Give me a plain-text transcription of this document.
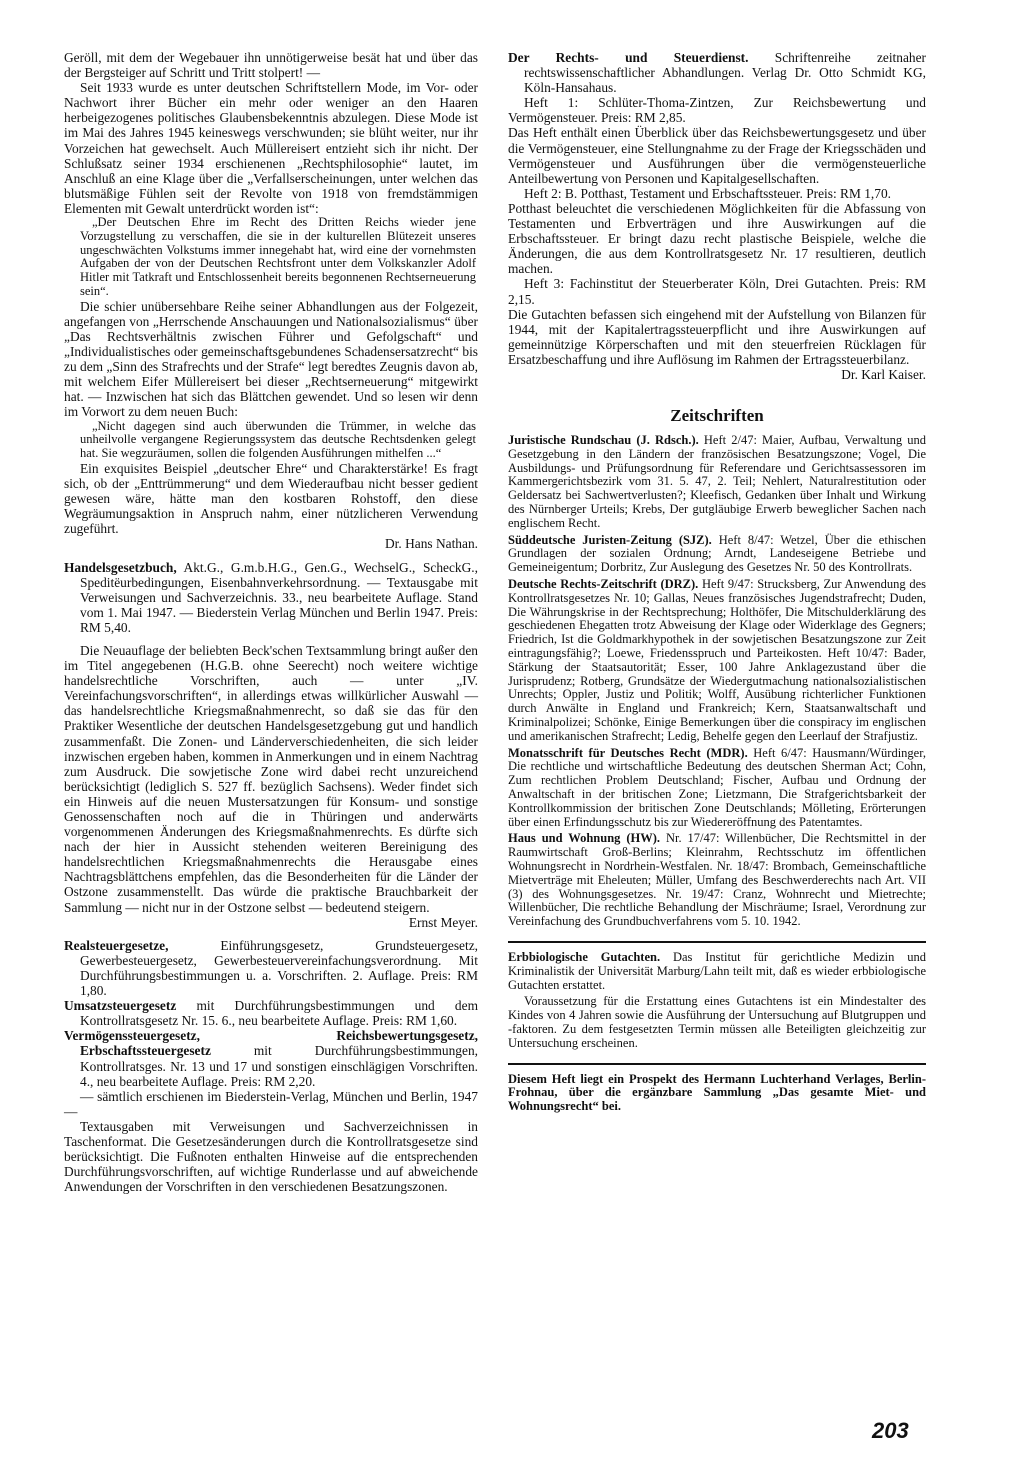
Geröll, mit dem der Wegebauer ihn unnötigerweise besät hat und über das der Bergsteiger auf Schritt und Tritt stolpert! —

Seit 1933 wurde es unter deutschen Schriftstellern Mode, im Vor- oder Nachwort ihrer Bücher ein mehr oder weniger an den Haaren herbeigezogenes politisches Glaubensbekenntnis abzulegen. Diese Mode ist im Mai des Jahres 1945 keineswegs verschwunden; sie blüht weiter, nur ihr Vorzeichen hat gewechselt. Auch Müllereisert entzieht sich ihr nicht. Der Schlußsatz seiner 1934 erschienenen „Rechtsphilosophie“ lautet, im Anschluß an eine Klage über die „Verfallserscheinungen, unter welchen das blutsmäßige Fühlen seit der Revolte von 1918 von fremdstämmigen Elementen mit Gewalt unterdrückt worden ist“:

„Der Deutschen Ehre im Recht des Dritten Reichs wieder jene Vorzugstellung zu verschaffen, die sie in der kulturellen Blütezeit unseres ungeschwächten Volkstums immer innegehabt hat, wird eine der vornehmsten Aufgaben der von der Deutschen Rechtsfront unter dem Volkskanzler Adolf Hitler mit Tatkraft und Entschlossenheit bereits begonnenen Rechtserneuerung sein“.

Die schier unübersehbare Reihe seiner Abhandlungen aus der Folgezeit, angefangen von „Herrschende Anschauungen und Nationalsozialismus“ über „Das Rechtsverhältnis zwischen Führer und Gefolgschaft“ und „Individualistisches oder gemeinschaftsgebundenes Schadensersatzrecht“ bis zu dem „Sinn des Strafrechts und der Strafe“ legt beredtes Zeugnis davon ab, mit welchem Eifer Müllereisert bei dieser „Rechtserneuerung“ mitgewirkt hat. — Inzwischen hat sich das Blättchen gewendet. Und so lesen wir denn im Vorwort zu dem neuen Buch:

„Nicht dagegen sind auch überwunden die Trümmer, in welche das unheilvolle vergangene Regierungssystem das deutsche Rechtsdenken gelegt hat. Sie wegzuräumen, sollen die folgenden Ausführungen mithelfen ...“

Ein exquisites Beispiel „deutscher Ehre“ und Charakterstärke! Es fragt sich, ob der „Enttrümmerung“ und dem Wiederaufbau nicht besser gedient gewesen wäre, hätte man den kostbaren Rohstoff, den diese Wegräumungsaktion in Anspruch nahm, einer nützlicheren Verwendung zugeführt.

Dr. Hans Nathan.

Handelsgesetzbuch, Akt.G., G.m.b.H.G., Gen.G., WechselG., ScheckG., Speditëurbedingungen, Eisenbahnverkehrsordnung. — Textausgabe mit Verweisungen und Sachverzeichnis. 33., neu bearbeitete Auflage. Stand vom 1. Mai 1947. — Biederstein Verlag München und Berlin 1947. Preis: RM 5,40.

Die Neuauflage der beliebten Beck'schen Textsammlung bringt außer den im Titel angegebenen (H.G.B. ohne Seerecht) noch weitere wichtige handelsrechtliche Vorschriften, auch — unter „IV. Vereinfachungsvorschriften“, in allerdings etwas willkürlicher Auswahl — das handelsrechtliche Kriegsmaßnahmenrecht, so daß sie das für den Praktiker Wesentliche der deutschen Handelsgesetzgebung gut und handlich zusammenfaßt. Die Zonen- und Länderverschiedenheiten, die sich leider inzwischen ergeben haben, kommen in Anmerkungen und in einem Nachtrag zum Ausdruck. Die sowjetische Zone wird dabei recht unzureichend berücksichtigt (lediglich S. 527 ff. bezüglich Sachsens). Weder findet sich ein Hinweis auf die neuen Mustersatzungen für Konsum- und sonstige Genossenschaften noch auf die in Thüringen und anderwärts vorgenommenen Änderungen des Kriegsmaßnahmenrechts. Es dürfte sich nach der hier in Aussicht stehenden weiteren Bereinigung des handelsrechtlichen Kriegsmaßnahmenrechts die Herausgabe eines Nachtragsblättchens empfehlen, das die Besonderheiten für die Länder der Ostzone zusammenstellt. Das würde die praktische Brauchbarkeit der Sammlung — nicht nur in der Ostzone selbst — bedeutend steigern.

Ernst Meyer.

Realsteuergesetze, Einführungsgesetz, Grundsteuergesetz, Gewerbesteuergesetz, Gewerbesteuervereinfachungsverordnung. Mit Durchführungsbestimmungen u. a. Vorschriften. 2. Auflage. Preis: RM 1,80.

Umsatzsteuergesetz mit Durchführungsbestimmungen und dem Kontrollratsgesetz Nr. 15. 6., neu bearbeitete Auflage. Preis: RM 1,60.

Vermögenssteuergesetz, Reichsbewertungsgesetz, Erbschaftssteuergesetz mit Durchführungsbestimmungen, Kontrollratsges. Nr. 13 und 17 und sonstigen einschlägigen Vorschriften. 4., neu bearbeitete Auflage. Preis: RM 2,20.

— sämtlich erschienen im Biederstein-Verlag, München und Berlin, 1947 —

Textausgaben mit Verweisungen und Sachverzeichnissen in Taschenformat. Die Gesetzesänderungen durch die Kontrollratsgesetze sind berücksichtigt. Die Fußnoten enthalten Hinweise auf die entsprechenden Durchführungsvorschriften, auf wichtige Runderlasse und auf abweichende Anwendungen der Vorschriften in den verschiedenen Besatzungszonen.

Der Rechts- und Steuerdienst. Schriftenreihe zeitnaher rechtswissenschaftlicher Abhandlungen. Verlag Dr. Otto Schmidt KG, Köln-Hansahaus.

Heft 1: Schlüter-Thoma-Zintzen, Zur Reichsbewertung und Vermögensteuer. Preis: RM 2,85.

Das Heft enthält einen Überblick über das Reichsbewertungsgesetz und über die Vermögensteuer, eine Stellungnahme zu der Frage der Kriegsschäden und Vermögensteuer und Ausführungen über die vermögensteuerliche Anteilbewertung von Personen und Kapitalgesellschaften.

Heft 2: B. Potthast, Testament und Erbschaftssteuer. Preis: RM 1,70.

Potthast beleuchtet die verschiedenen Möglichkeiten für die Abfassung von Testamenten und Erbverträgen und ihre Auswirkungen auf die Erbschaftssteuer. Er bringt dazu recht plastische Beispiele, welche die Änderungen, die aus dem Kontrollratsgesetz Nr. 17 resultieren, deutlich machen.

Heft 3: Fachinstitut der Steuerberater Köln, Drei Gutachten. Preis: RM 2,15.

Die Gutachten befassen sich eingehend mit der Aufstellung von Bilanzen für 1944, mit der Kapitalertragssteuerpflicht und ihre Auswirkungen auf gemeinnützige Körperschaften und mit den steuerfreien Rücklagen für Ersatzbeschaffung und ihre Auflösung im Rahmen der Ertragssteuerbilanz.

Dr. Karl Kaiser.

Zeitschriften

Juristische Rundschau (J. Rdsch.). Heft 2/47: Maier, Aufbau, Verwaltung und Gesetzgebung in den Ländern der französischen Besatzungszone; Vogel, Die Ausbildungs- und Prüfungsordnung für Referendare und Gerichtsassessoren im Kammergerichtsbezirk vom 31. 5. 47, 2. Teil; Nehlert, Naturalrestitution oder Geldersatz bei Sachwertverlusten?; Kleefisch, Gedanken über Inhalt und Wirkung des Nürnberger Urteils; Krebs, Der gutgläubige Erwerb beweglicher Sachen nach englischem Recht.

Süddeutsche Juristen-Zeitung (SJZ). Heft 8/47: Wetzel, Über die ethischen Grundlagen der sozialen Ordnung; Arndt, Landeseigene Betriebe und Gemeineigentum; Dorbritz, Zur Auslegung des Gesetzes Nr. 50 des Kontrollrats.

Deutsche Rechts-Zeitschrift (DRZ). Heft 9/47: Strucksberg, Zur Anwendung des Kontrollratsgesetzes Nr. 10; Gallas, Neues französisches Jugendstrafrecht; Duden, Die Währungskrise in der Rechtsprechung; Holthöfer, Die Mitschulderklärung des geschiedenen Ehegatten trotz Abweisung der Klage oder Widerklage des Gegners; Friedrich, Ist die Goldmarkhypothek in der sowjetischen Besatzungszone zur Zeit eintragungsfähig?; Loewe, Friedensspruch und Parteikosten. Heft 10/47: Bader, Stärkung der Staatsautorität; Esser, 100 Jahre Anklagezustand über die Jurisprudenz; Rotberg, Grundsätze der Wiedergutmachung nationalsozialistischen Unrechts; Oppler, Justiz und Politik; Wolff, Ausübung richterlicher Funktionen durch Anwälte in England und Frankreich; Kern, Staatsanwaltschaft und Kriminalpolizei; Schönke, Einige Bemerkungen über die conspiracy im englischen und amerikanischen Strafrecht; Ledig, Behelfe gegen den Leerlauf der Strafjustiz.

Monatsschrift für Deutsches Recht (MDR). Heft 6/47: Hausmann/Würdinger, Die rechtliche und wirtschaftliche Bedeutung des deutschen Sherman Act; Cohn, Zum rechtlichen Problem Deutschland; Fischer, Aufbau und Ordnung der Anwaltschaft in der britischen Zone; Lietzmann, Die Strafgerichtsbarkeit der Kontrollkommission der britischen Zone Deutschlands; Mölleting, Erörterungen über einen Erfindungsschutz bis zur Wiedereröffnung des Patentamtes.

Haus und Wohnung (HW). Nr. 17/47: Willenbücher, Die Rechtsmittel in der Raumwirtschaft Groß-Berlins; Kleinrahm, Rechtsschutz im öffentlichen Wohnungsrecht in Nordrhein-Westfalen. Nr. 18/47: Brombach, Gemeinschaftliche Mietverträge mit Eheleuten; Müller, Umfang des Beschwerderechts nach Art. VII (3) des Wohnungsgesetzes. Nr. 19/47: Cranz, Wohnrecht und Mietrechte; Willenbücher, Die rechtliche Behandlung der Mischräume; Israel, Verordnung zur Vereinfachung des Grundbuchverfahrens vom 5. 10. 1942.

Erbbiologische Gutachten. Das Institut für gerichtliche Medizin und Kriminalistik der Universität Marburg/Lahn teilt mit, daß es wieder erbbiologische Gutachten erstattet.

Voraussetzung für die Erstattung eines Gutachtens ist ein Mindestalter des Kindes von 4 Jahren sowie die Ausführung der Untersuchung auf Blutgruppen und -faktoren. Zu dem festgesetzten Termin müssen alle Beteiligten gleichzeitig zur Untersuchung erscheinen.

Diesem Heft liegt ein Prospekt des Hermann Luchterhand Verlages, Berlin-Frohnau, über die ergänzbare Sammlung „Das gesamte Miet- und Wohnungsrecht“ bei.

203
